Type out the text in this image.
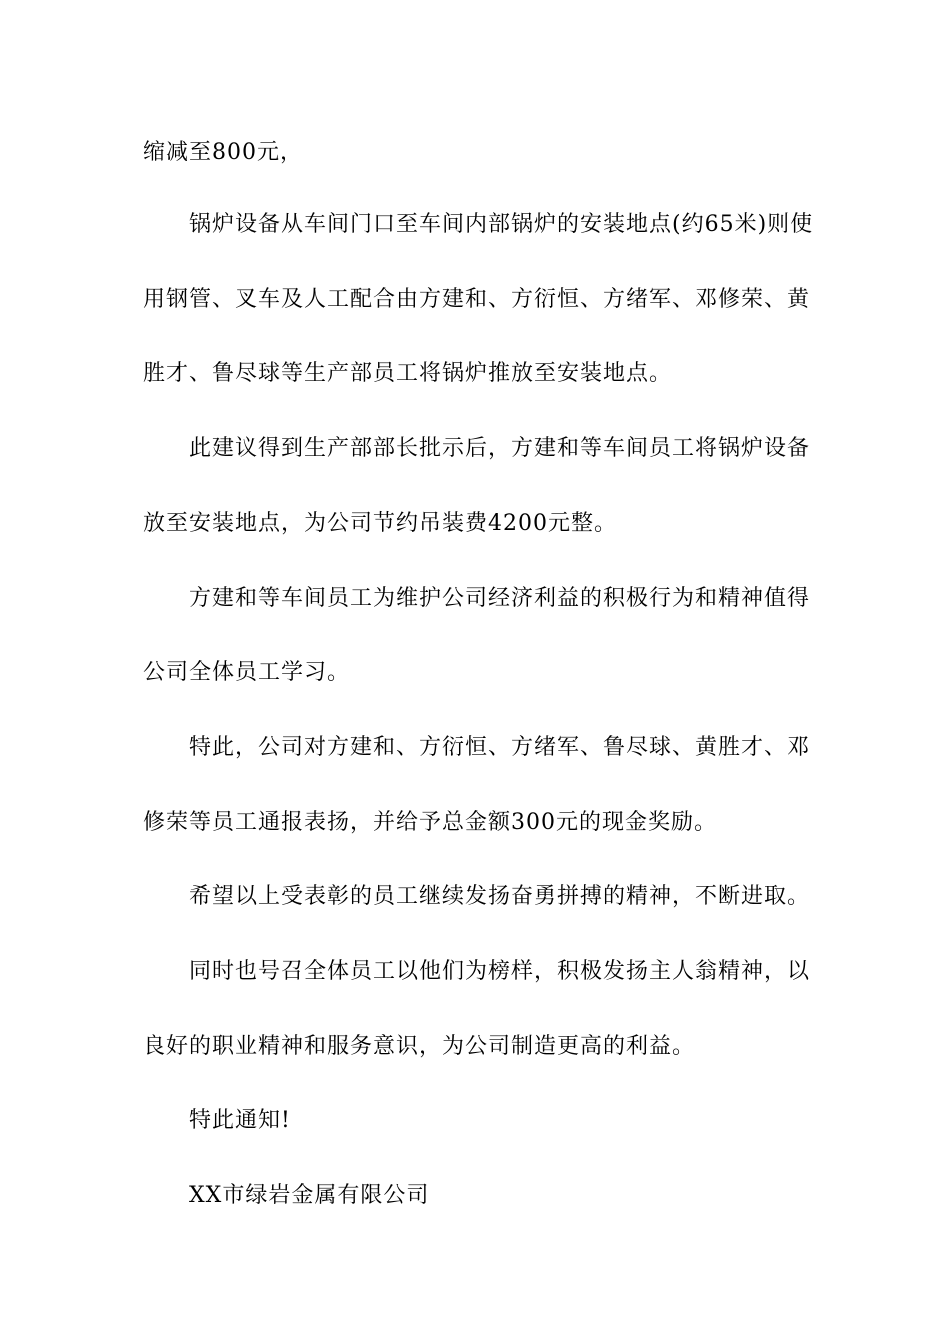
缩减至800元，
锅炉设备从车间门口至车间内部锅炉的安装地点(约65米)则使
用钢管、叉车及人工配合由方建和、方衍恒、方绪军、邓修荣、黄
胜才、鲁尽球等生产部员工将锅炉推放至安装地点。
此建议得到生产部部长批示后，方建和等车间员工将锅炉设备
放至安装地点，为公司节约吊装费4200元整。
方建和等车间员工为维护公司经济利益的积极行为和精神值得
公司全体员工学习。
特此，公司对方建和、方衍恒、方绪军、鲁尽球、黄胜才、邓
修荣等员工通报表扬，并给予总金额300元的现金奖励。
希望以上受表彰的员工继续发扬奋勇拼搏的精神，不断进取。
同时也号召全体员工以他们为榜样，积极发扬主人翁精神，以
良好的职业精神和服务意识，为公司制造更高的利益。
特此通知!
XX市绿岩金属有限公司
